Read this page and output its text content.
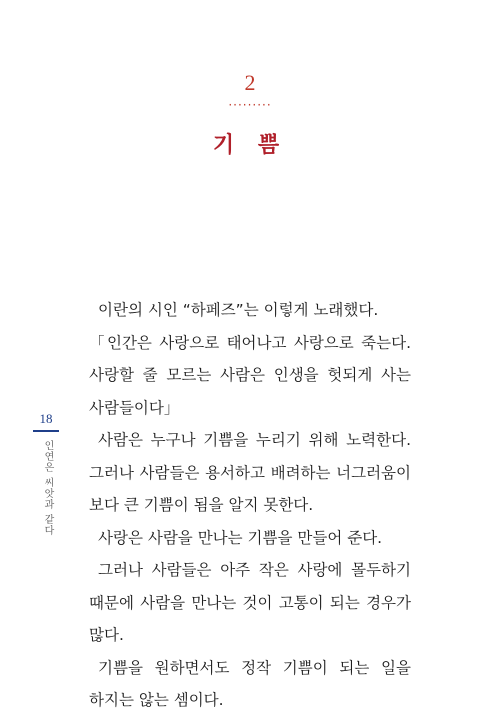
2
·········
기 쁨

이란의 시인 “하페즈”는 이렇게 노래했다.

「인간은 사랑으로 태어나고 사랑으로 죽는다. 사랑할 줄 모르는 사람은 인생을 헛되게 사는 사람들이다」

사람은 누구나 기쁨을 누리기 위해 노력한다. 그러나 사람들은 용서하고 배려하는 너그러움이 보다 큰 기쁨이 됨을 알지 못한다.

사랑은 사람을 만나는 기쁨을 만들어 준다.

그러나 사람들은 아주 작은 사랑에 몰두하기 때문에 사람을 만나는 것이 고통이 되는 경우가 많다.

기쁨을 원하면서도 정작 기쁨이 되는 일을 하지는 않는 셈이다.

18
인연은 씨앗과 같다
